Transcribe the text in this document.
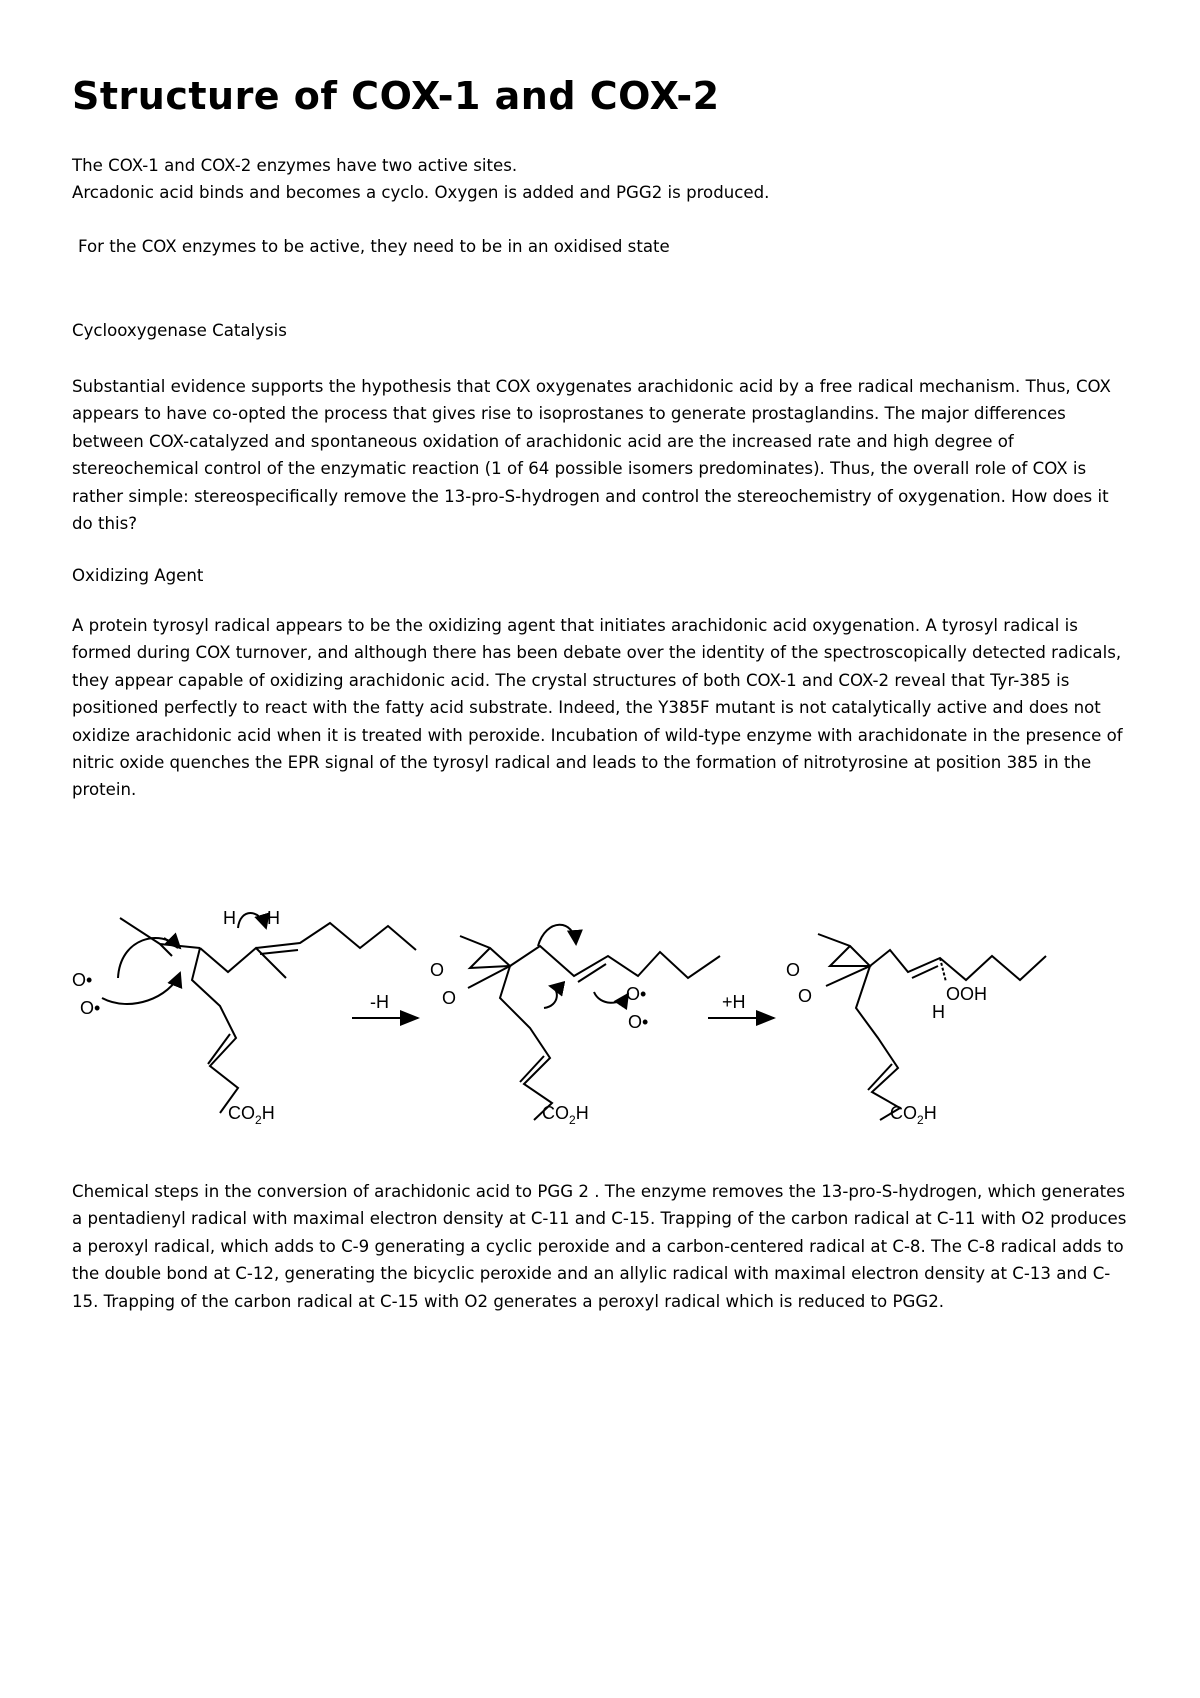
Structure of COX-1 and COX-2

The COX-1 and COX-2 enzymes have two active sites.

Arcadonic acid binds and becomes a cyclo. Oxygen is added and PGG2 is produced.

For the COX enzymes to be active, they need to be in an oxidised state

Cyclooxygenase Catalysis

Substantial evidence supports the hypothesis that COX oxygenates arachidonic acid by a free radical mechanism. Thus, COX appears to have co-opted the process that gives rise to isoprostanes to generate prostaglandins. The major differences between COX-catalyzed and spontaneous oxidation of arachidonic acid are the increased rate and high degree of stereochemical control of the enzymatic reaction (1 of 64 possible isomers predominates). Thus, the overall role of COX is rather simple: stereospecifically remove the 13-pro-S-hydrogen and control the stereochemistry of oxygenation. How does it do this?

Oxidizing Agent

A protein tyrosyl radical appears to be the oxidizing agent that initiates arachidonic acid oxygenation. A tyrosyl radical is formed during COX turnover, and although there has been debate over the identity of the spectroscopically detected radicals, they appear capable of oxidizing arachidonic acid. The crystal structures of both COX-1 and COX-2 reveal that Tyr-385 is positioned perfectly to react with the fatty acid substrate. Indeed, the Y385F mutant is not catalytically active and does not oxidize arachidonic acid when it is treated with peroxide. Incubation of wild-type enzyme with arachidonate in the presence of nitric oxide quenches the EPR signal of the tyrosyl radical and leads to the formation of nitrotyrosine at position 385 in the protein.

H H
O•
O•
$CO_2H$
-H
O
O	O•
O•
$CO_2H$
+H
O
O	OOH
H
$CO_2H$

Chemical steps in the conversion of arachidonic acid to PGG 2 . The enzyme removes the 13-pro-S-hydrogen, which generates a pentadienyl radical with maximal electron density at C-11 and C-15. Trapping of the carbon radical at C-11 with O2 produces a peroxyl radical, which adds to C-9 generating a cyclic peroxide and a carbon-centered radical at C-8. The C-8 radical adds to the double bond at C-12, generating the bicyclic peroxide and an allylic radical with maximal electron density at C-13 and C-15. Trapping of the carbon radical at C-15 with O2 generates a peroxyl radical which is reduced to PGG2.
